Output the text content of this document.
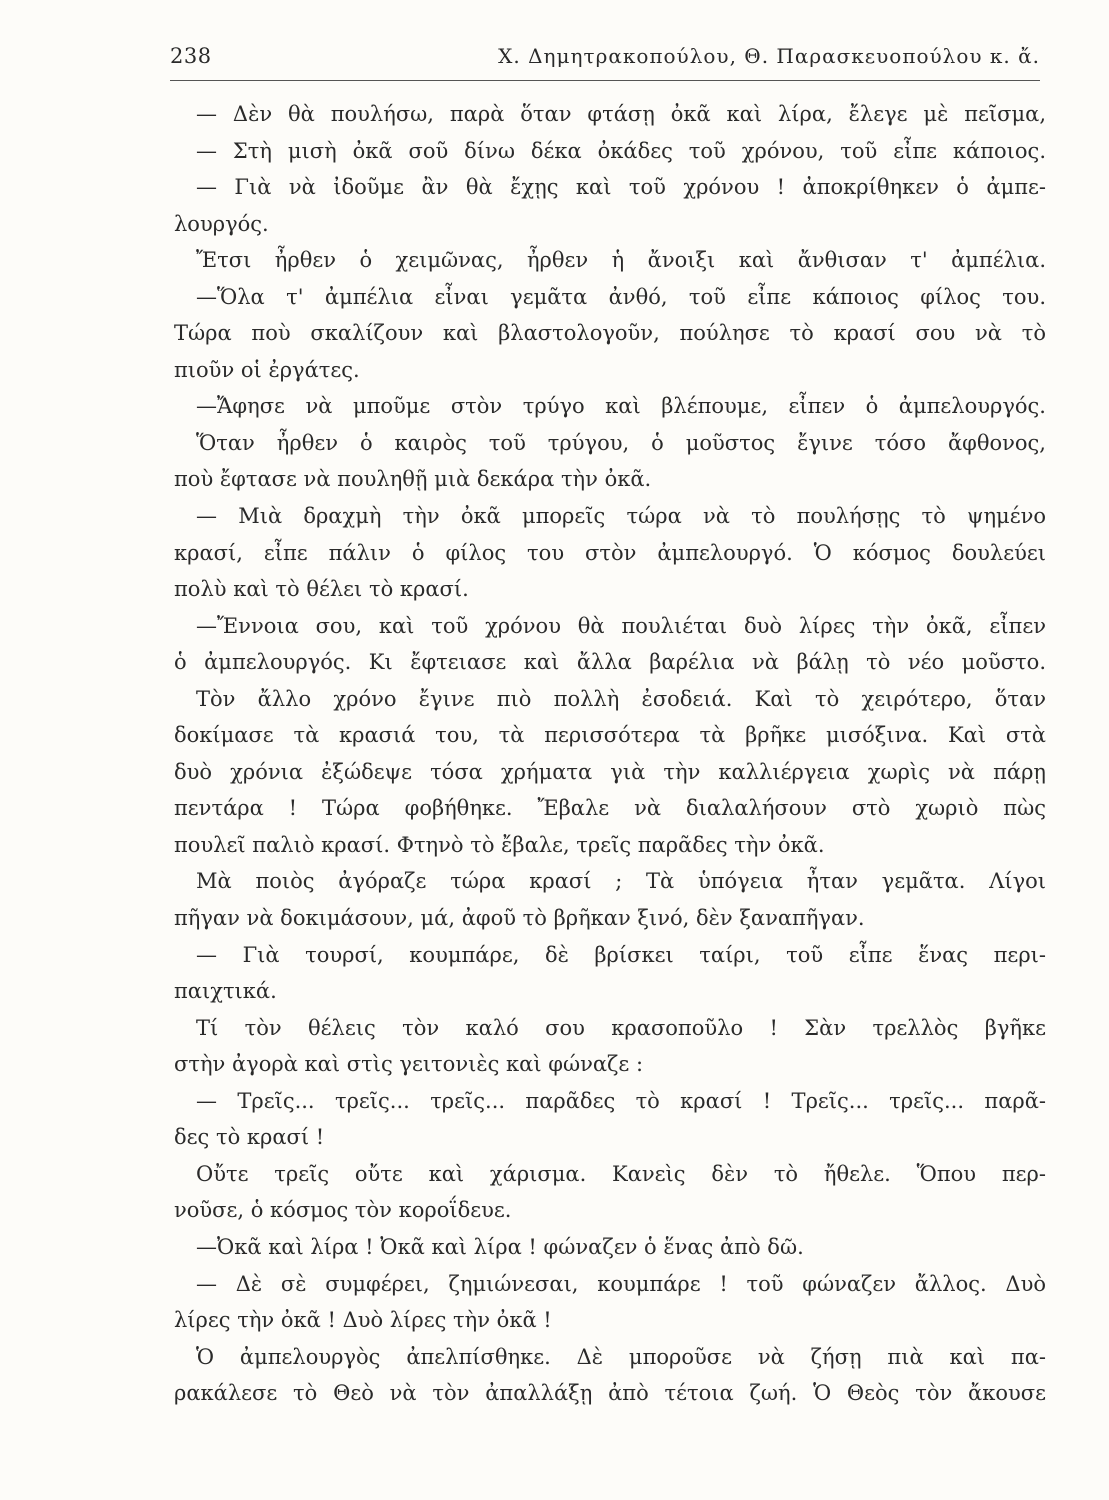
238	Χ. Δημητρακοπούλου, Θ. Παρασκευοπούλου κ. ἄ.
— Δὲν θὰ πουλήσω, παρὰ ὅταν φτάσῃ ὀκᾶ καὶ λίρα, ἔλεγε μὲ πεῖσμα,
— Στὴ μισὴ ὀκᾶ σοῦ δίνω δέκα ὀκάδες τοῦ χρόνου, τοῦ εἶπε κάποιος.
— Γιὰ νὰ ἰδοῦμε ἂν θὰ ἔχῃς καὶ τοῦ χρόνου ! ἀποκρίθηκεν ὁ ἀμπε-
λουργός.
Ἔτσι ἦρθεν ὁ χειμῶνας, ἦρθεν ἡ ἄνοιξι καὶ ἄνθισαν τ' ἀμπέλια.
—Ὅλα τ' ἀμπέλια εἶναι γεμᾶτα ἀνθό, τοῦ εἶπε κάποιος φίλος του.
Τώρα ποὺ σκαλίζουν καὶ βλαστολογοῦν, πούλησε τὸ κρασί σου νὰ τὸ
πιοῦν οἱ ἐργάτες.
—Ἄφησε νὰ μποῦμε στὸν τρύγο καὶ βλέπουμε, εἶπεν ὁ ἀμπελουργός.
Ὅταν ἦρθεν ὁ καιρὸς τοῦ τρύγου, ὁ μοῦστος ἔγινε τόσο ἄφθονος,
ποὺ ἔφτασε νὰ πουληθῇ μιὰ δεκάρα τὴν ὀκᾶ.
— Μιὰ δραχμὴ τὴν ὀκᾶ μπορεῖς τώρα νὰ τὸ πουλήσῃς τὸ ψημένο
κρασί, εἶπε πάλιν ὁ φίλος του στὸν ἀμπελουργό. Ὁ κόσμος δουλεύει
πολὺ καὶ τὸ θέλει τὸ κρασί.
—Ἔννοια σου, καὶ τοῦ χρόνου θὰ πουλιέται δυὸ λίρες τὴν ὀκᾶ, εἶπεν
ὁ ἀμπελουργός. Κι ἔφτειασε καὶ ἄλλα βαρέλια νὰ βάλῃ τὸ νέο μοῦστο.
Τὸν ἄλλο χρόνο ἔγινε πιὸ πολλὴ ἐσοδειά. Καὶ τὸ χειρότερο, ὅταν
δοκίμασε τὰ κρασιά του, τὰ περισσότερα τὰ βρῆκε μισόξινα. Καὶ στὰ
δυὸ χρόνια ἐξώδεψε τόσα χρήματα γιὰ τὴν καλλιέργεια χωρὶς νὰ πάρῃ
πεντάρα ! Τώρα φοβήθηκε. Ἔβαλε νὰ διαλαλήσουν στὸ χωριὸ πὼς
πουλεῖ παλιὸ κρασί. Φτηνὸ τὸ ἔβαλε, τρεῖς παρᾶδες τὴν ὀκᾶ.
Μὰ ποιὸς ἀγόραζε τώρα κρασί ; Τὰ ὑπόγεια ἦταν γεμᾶτα. Λίγοι
πῆγαν νὰ δοκιμάσουν, μά, ἀφοῦ τὸ βρῆκαν ξινό, δὲν ξαναπῆγαν.
— Γιὰ τουρσί, κουμπάρε, δὲ βρίσκει ταίρι, τοῦ εἶπε ἕνας περι-
παιχτικά.
Τί τὸν θέλεις τὸν καλό σου κρασοποῦλο ! Σὰν τρελλὸς βγῆκε
στὴν ἀγορὰ καὶ στὶς γειτονιὲς καὶ φώναζε :
— Τρεῖς... τρεῖς... τρεῖς... παρᾶδες τὸ κρασί ! Τρεῖς... τρεῖς... παρᾶ-
δες τὸ κρασί !
Οὔτε τρεῖς οὔτε καὶ χάρισμα. Κανεὶς δὲν τὸ ἤθελε. Ὅπου περ-
νοῦσε, ὁ κόσμος τὸν κοροΐδευε.
—Ὀκᾶ καὶ λίρα ! Ὀκᾶ καὶ λίρα ! φώναζεν ὁ ἕνας ἀπὸ δῶ.
— Δὲ σὲ συμφέρει, ζημιώνεσαι, κουμπάρε ! τοῦ φώναζεν ἄλλος. Δυὸ
λίρες τὴν ὀκᾶ ! Δυὸ λίρες τὴν ὀκᾶ !
Ὁ ἀμπελουργὸς ἀπελπίσθηκε. Δὲ μποροῦσε νὰ ζήσῃ πιὰ καὶ πα-
ρακάλεσε τὸ Θεὸ νὰ τὸν ἀπαλλάξῃ ἀπὸ τέτοια ζωή. Ὁ Θεὸς τὸν ἄκουσε
